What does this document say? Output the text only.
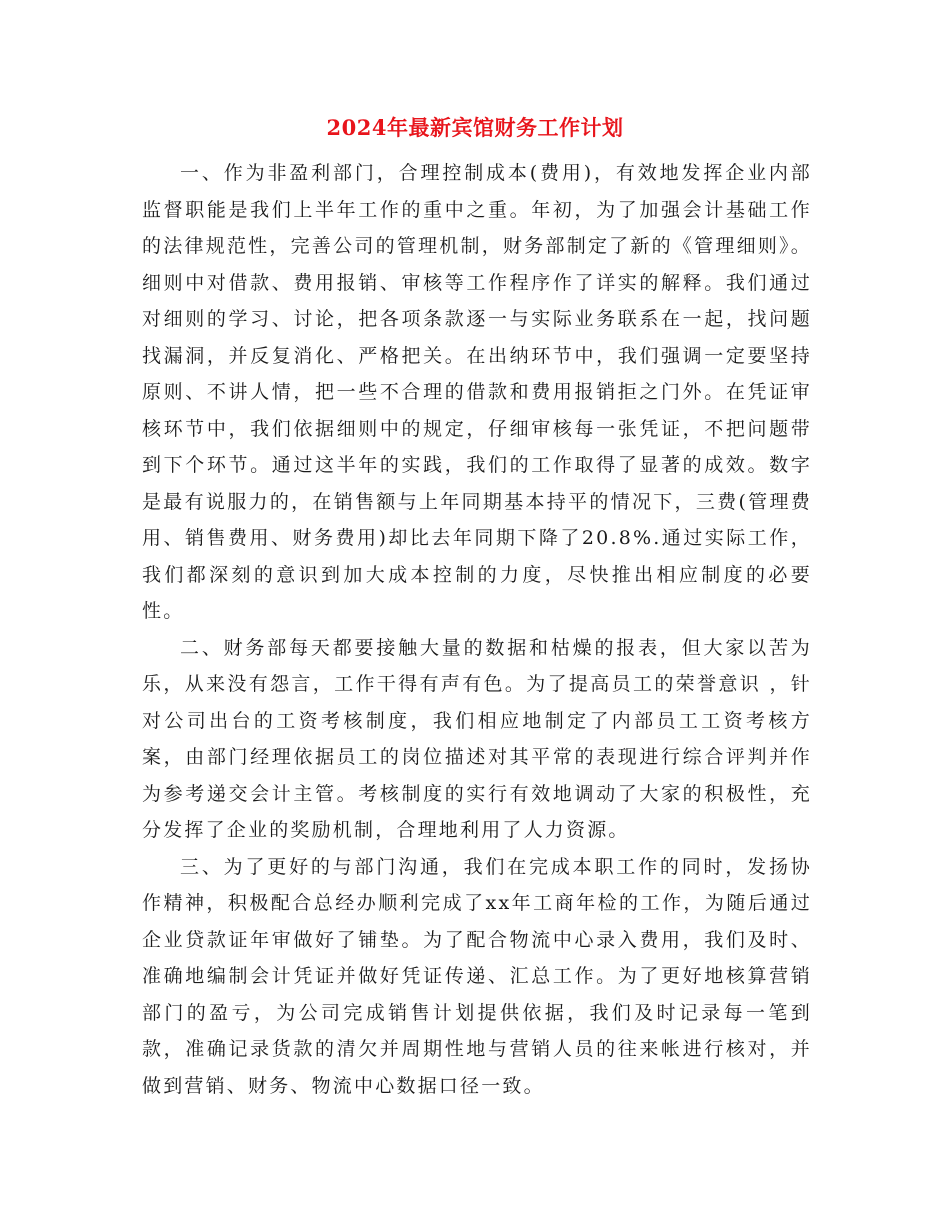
2024年最新宾馆财务工作计划

一、作为非盈利部门，合理控制成本(费用)，有效地发挥企业内部监督职能是我们上半年工作的重中之重。年初，为了加强会计基础工作的法律规范性，完善公司的管理机制，财务部制定了新的《管理细则》。细则中对借款、费用报销、审核等工作程序作了详实的解释。我们通过对细则的学习、讨论，把各项条款逐一与实际业务联系在一起，找问题找漏洞，并反复消化、严格把关。在出纳环节中，我们强调一定要坚持原则、不讲人情，把一些不合理的借款和费用报销拒之门外。在凭证审核环节中，我们依据细则中的规定，仔细审核每一张凭证，不把问题带到下个环节。通过这半年的实践，我们的工作取得了显著的成效。数字是最有说服力的，在销售额与上年同期基本持平的情况下，三费(管理费用、销售费用、财务费用)却比去年同期下降了20.8%.通过实际工作，我们都深刻的意识到加大成本控制的力度，尽快推出相应制度的必要性。

二、财务部每天都要接触大量的数据和枯燥的报表，但大家以苦为乐，从来没有怨言，工作干得有声有色。为了提高员工的荣誉意识 ，针对公司出台的工资考核制度，我们相应地制定了内部员工工资考核方案，由部门经理依据员工的岗位描述对其平常的表现进行综合评判并作为参考递交会计主管。考核制度的实行有效地调动了大家的积极性，充分发挥了企业的奖励机制，合理地利用了人力资源。

三、为了更好的与部门沟通，我们在完成本职工作的同时，发扬协作精神，积极配合总经办顺利完成了xx年工商年检的工作，为随后通过企业贷款证年审做好了铺垫。为了配合物流中心录入费用，我们及时、准确地编制会计凭证并做好凭证传递、汇总工作。为了更好地核算营销部门的盈亏，为公司完成销售计划提供依据，我们及时记录每一笔到款，准确记录货款的清欠并周期性地与营销人员的往来帐进行核对，并做到营销、财务、物流中心数据口径一致。
